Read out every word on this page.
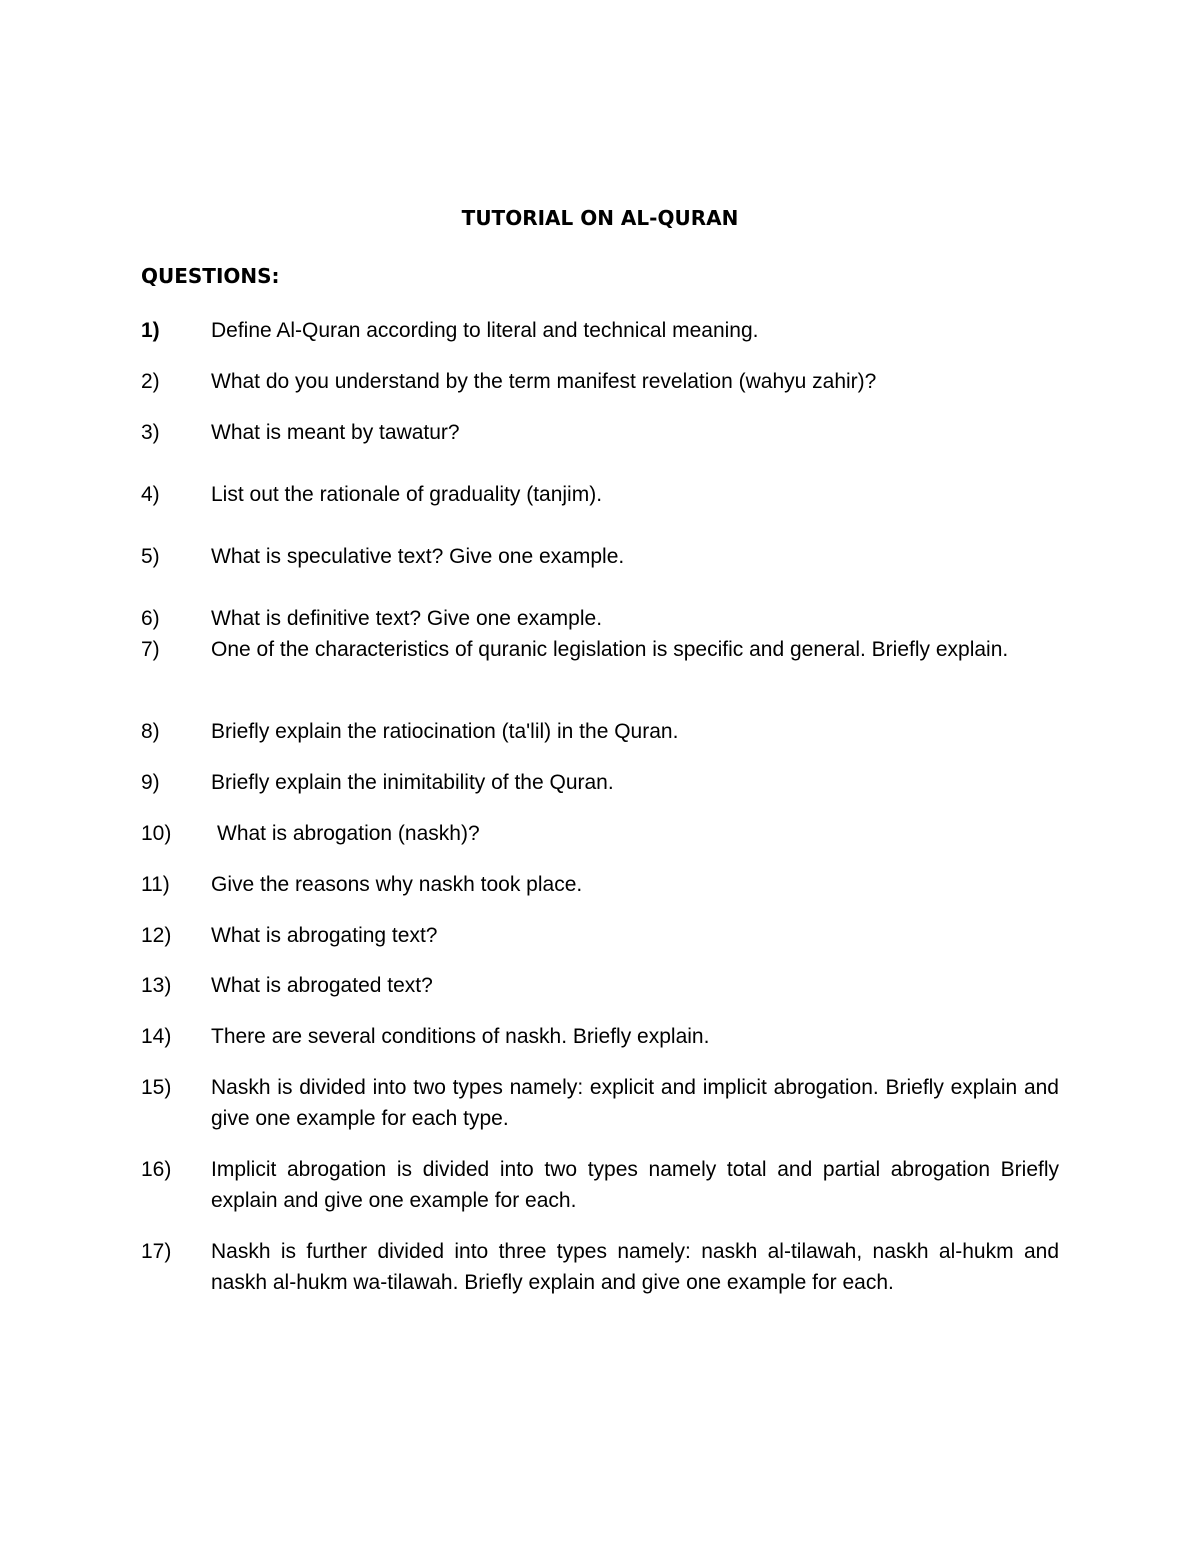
TUTORIAL ON AL-QURAN
QUESTIONS:
1)	Define Al-Quran according to literal and technical meaning.
2)	What do you understand by the term manifest revelation (wahyu zahir)?
3)	What is meant by tawatur?
4)	List out the rationale of graduality (tanjim).
5)	What is speculative text? Give one example.
6)	What is definitive text? Give one example.
7)	One of the characteristics of quranic legislation is specific and general. Briefly explain.
8)	Briefly explain the ratiocination (ta'lil) in the Quran.
9)	Briefly explain the inimitability of the Quran.
10)	What is abrogation (naskh)?
11)	Give the reasons why naskh took place.
12)	What is abrogating text?
13)	What is abrogated text?
14)	There are several conditions of naskh. Briefly explain.
15)	Naskh is divided into two types namely: explicit and implicit abrogation. Briefly explain and give one example for each type.
16)	Implicit abrogation is divided into two types namely total and partial abrogation Briefly explain and give one example for each.
17)	Naskh is further divided into three types namely: naskh al-tilawah, naskh al-hukm and naskh al-hukm wa-tilawah. Briefly explain and give one example for each.
